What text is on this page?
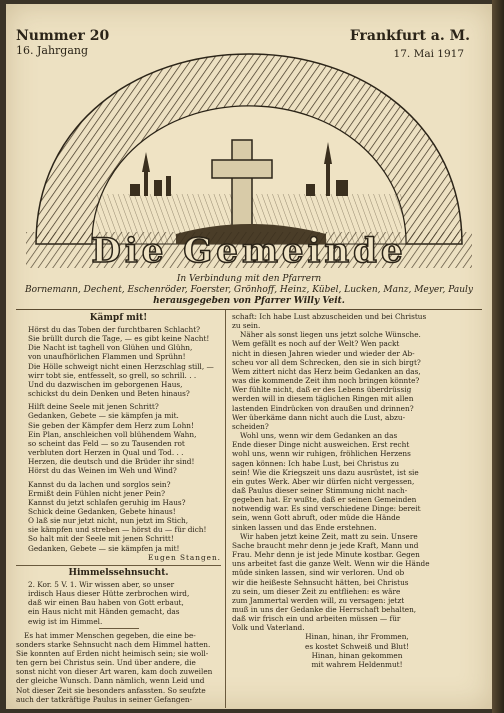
Nummer 20
16. Jahrgang
Frankfurt a. M.
17. Mai 1917
Die Gemeinde
In Verbindung mit den Pfarrern
Bornemann, Dechent, Eschenröder, Foerster, Grönhoff, Heinz, Kübel, Lucken, Manz, Meyer, Pauly
herausgegeben von Pfarrer Willy Veit.
Kämpf mit!
Hörst du das Toben der furchtbaren Schlacht?
Sie brüllt durch die Tage, — es gibt keine Nacht!
Die Nacht ist taghell von Glühen und Glühn,
von unaufhörlichen Flammen und Sprühn!
Die Hölle schweigt nicht einen Herzschlag still, —
wirr tobt sie, entfesselt, so grell, so schrill. . .
Und du dazwischen im geborgenen Haus,
schickst du dein Denken und Beten hinaus?
Hilft deine Seele mit jenen Schritt?
Gedanken, Gebete — sie kämpfen ja mit.
Sie geben der Kämpfer dem Herz zum Lohn!
Ein Plan, anschleichen voll blühendem Wahn,
so scheint das Feld — so zu Tausenden rot
verbluten dort Herzen in Qual und Tod. . .
Herzen, die deutsch und die Brüder ihr sind!
Hörst du das Weinen im Weh und Wind?
Kannst du da lachen und sorglos sein?
Ermißt dein Fühlen nicht jener Pein?
Kannst du jetzt schlafen geruhig im Haus?
Schick deine Gedanken, Gebete hinaus!
O laß sie nur jetzt nicht, nun jetzt im Stich,
sie kämpfen und streben — hörst du — für dich!
So halt mit der Seele mit jenen Schritt!
Gedanken, Gebete — sie kämpfen ja mit!
Eugen Stangen.
Himmelssehnsucht.
2. Kor. 5 V. 1. Wir wissen aber, so unser
irdisch Haus dieser Hütte zerbrochen wird,
daß wir einen Bau haben von Gott erbaut,
ein Haus nicht mit Händen gemacht, das
ewig ist im Himmel.
Es hat immer Menschen gegeben, die eine be-
sonders starke Sehnsucht nach dem Himmel hatten.
Sie konnten auf Erden nicht heimisch sein; sie woll-
ten gern bei Christus sein. Und über andere, die
sonst nicht von dieser Art waren, kam doch zuweilen
der gleiche Wunsch. Dann nämlich, wenn Leid und
Not dieser Zeit sie besonders anfassten. So seufzte
auch der tatkräftige Paulus in seiner Gefangen-
schaft: Ich habe Lust abzuscheiden und bei Christus
zu sein.
Näher als sonst liegen uns jetzt solche Wünsche.
Wem gefällt es noch auf der Welt? Wen packt
nicht in diesen Jahren wieder und wieder der Ab-
scheu vor all dem Schrecken, den sie in sich birgt?
Wem zittert nicht das Herz beim Gedanken an das,
was die kommende Zeit ihm noch bringen könnte?
Wer fühlte nicht, daß er des Lebens überdrüssig
werden will in diesem täglichen Ringen mit allen
lastenden Eindrücken von draußen und drinnen?
Wer überkäme dann nicht auch die Lust, abzu-
scheiden?
Wohl uns, wenn wir dem Gedanken an das
Ende dieser Dinge nicht ausweichen. Erst recht
wohl uns, wenn wir ruhigen, fröhlichen Herzens
sagen können: Ich habe Lust, bei Christus zu
sein! Wie die Kriegszeit uns dazu ausrüstet, ist sie
ein gutes Werk. Aber wir dürfen nicht vergessen,
daß Paulus dieser seiner Stimmung nicht nach-
gegeben hat. Er wußte, daß er seinen Gemeinden
notwendig war. Es sind verschiedene Dinge: bereit
sein, wenn Gott abruft, oder müde die Hände
sinken lassen und das Ende erstehnen.
Wir haben jetzt keine Zeit, matt zu sein. Unsere
Sache braucht mehr denn je jede Kraft, Mann und
Frau. Mehr denn je ist jede Minute kostbar. Gegen
uns arbeitet fast die ganze Welt. Wenn wir die Hände
müde sinken lassen, sind wir verloren. Und ob
wir die heißeste Sehnsucht hätten, bei Christus
zu sein, um dieser Zeit zu entfliehen: es wäre
zum Jammertal werden will, zu versagen: jetzt
muß in uns der Gedanke die Herrschaft behalten,
daß wir frisch ein und arbeiten müssen — für
Volk und Vaterland.
Hinan, hinan, ihr Frommen,
es kostet Schweiß und Blut!
Hinan, hinan gekommen
mit wahrem Heldenmut!
